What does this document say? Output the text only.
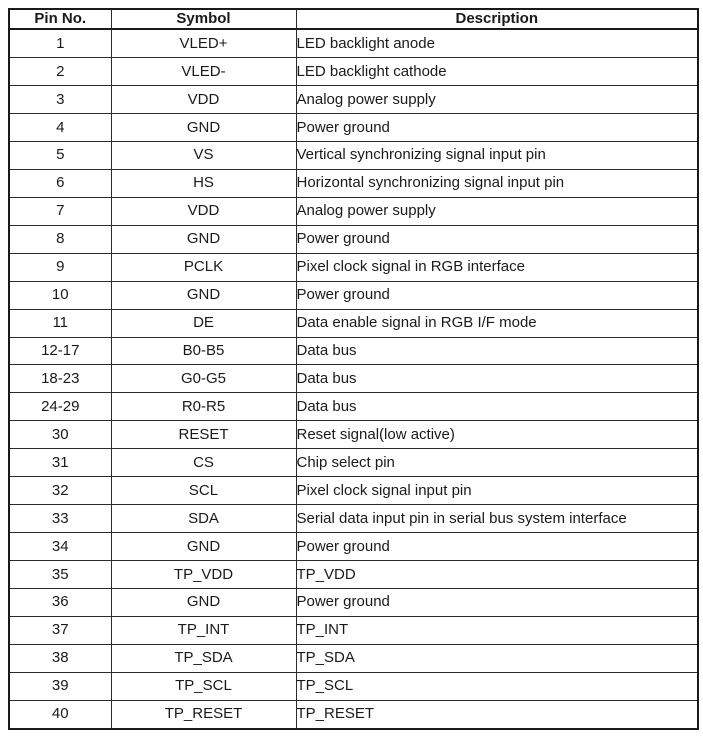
Pin No.	Symbol	Description
1	VLED+	LED backlight anode
2	VLED-	LED backlight cathode
3	VDD	Analog power supply
4	GND	Power ground
5	VS	Vertical synchronizing signal input pin
6	HS	Horizontal synchronizing signal input pin
7	VDD	Analog power supply
8	GND	Power ground
9	PCLK	Pixel clock signal in RGB interface
10	GND	Power ground
11	DE	Data enable signal in RGB I/F mode
12-17	B0-B5	Data bus
18-23	G0-G5	Data bus
24-29	R0-R5	Data bus
30	RESET	Reset signal(low active)
31	CS	Chip select pin
32	SCL	Pixel clock signal input pin
33	SDA	Serial data input pin in serial bus system interface
34	GND	Power ground
35	TP_VDD	TP_VDD
36	GND	Power ground
37	TP_INT	TP_INT
38	TP_SDA	TP_SDA
39	TP_SCL	TP_SCL
40	TP_RESET	TP_RESET
